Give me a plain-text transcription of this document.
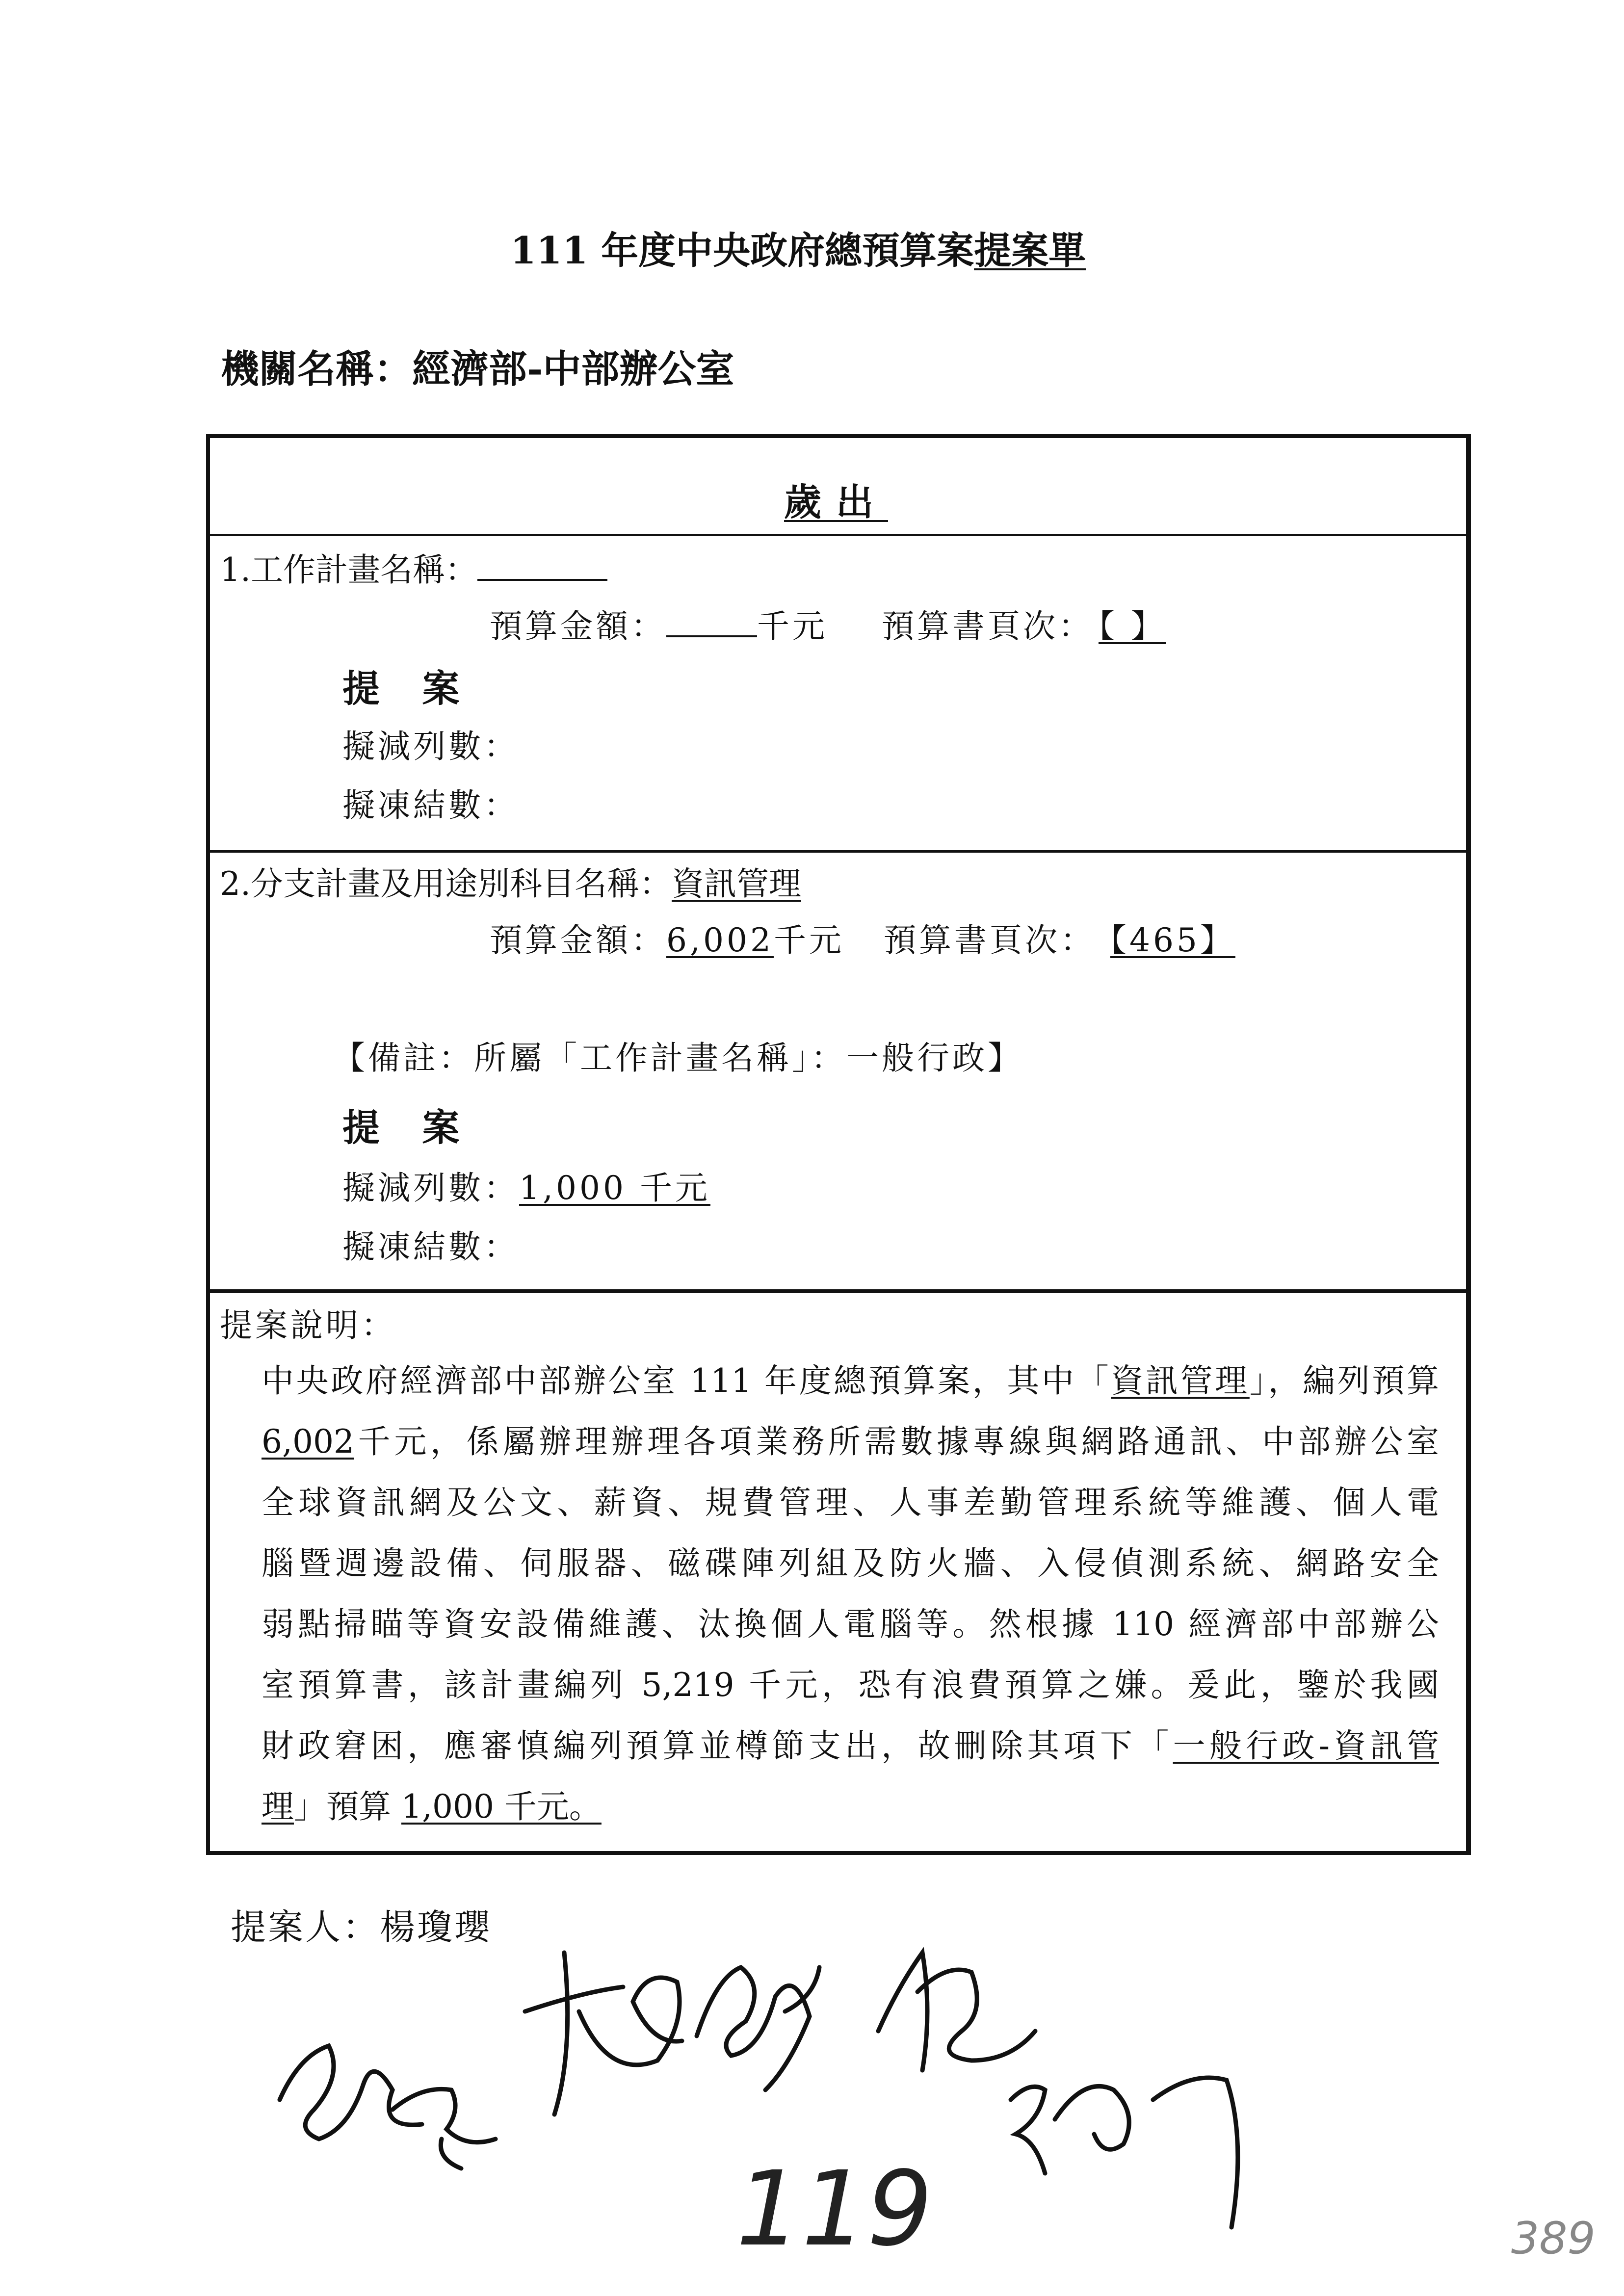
111 年度中央政府總預算案提案單
機關名稱：經濟部-中部辦公室
歲出
1.工作計畫名稱：
預算金額：	千元 預算書頁次： 【 】
提 案
擬減列數：
擬凍結數：
2.分支計畫及用途別科目名稱：資訊管理
預算金額：6,002千元 預算書頁次： 【465】
【備註：所屬「工作計畫名稱」：一般行政】
提 案
擬減列數：1,000 千元
擬凍結數：
提案說明：
中央政府經濟部中部辦公室 111 年度總預算案，其中「資訊管理」，編列預算
6,002千元，係屬辦理辦理各項業務所需數據專線與網路通訊、中部辦公室
全球資訊網及公文、薪資、規費管理、人事差勤管理系統等維護、個人電
腦暨週邊設備、伺服器、磁碟陣列組及防火牆、入侵偵測系統、網路安全
弱點掃瞄等資安設備維護、汰換個人電腦等。然根據 110 經濟部中部辦公
室預算書，該計畫編列 5,219 千元，恐有浪費預算之嫌。爰此，鑒於我國
財政窘困，應審慎編列預算並樽節支出，故刪除其項下「一般行政-資訊管
理」預算 1,000 千元。
提案人：楊瓊瓔
119	389
